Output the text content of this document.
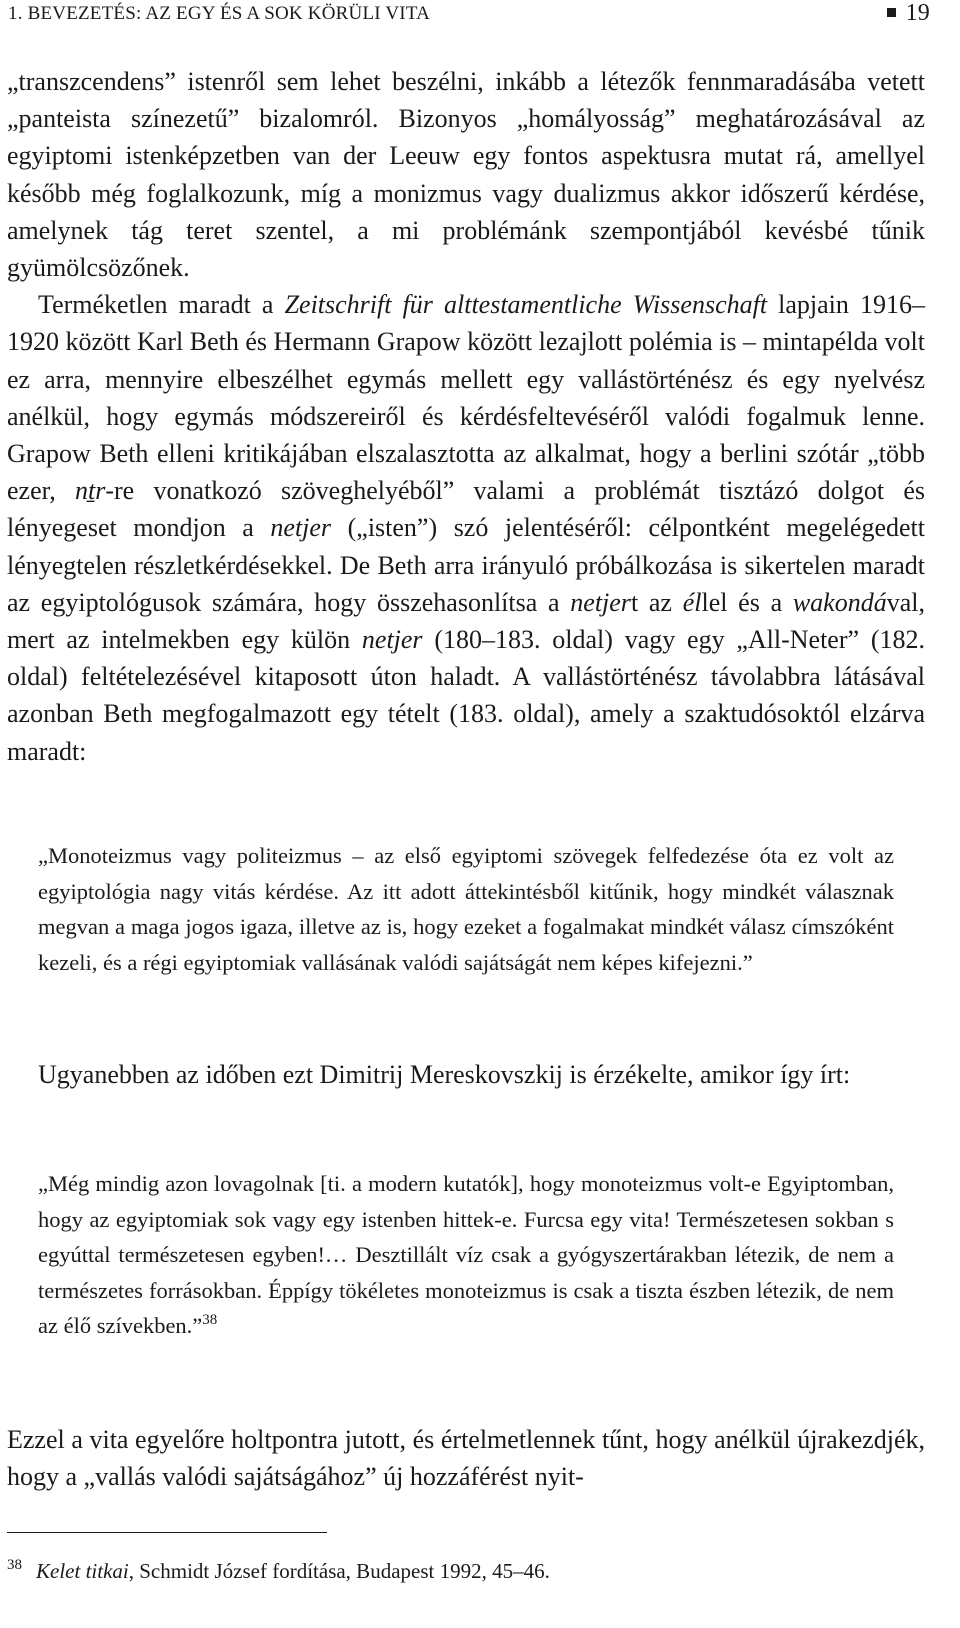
1. BEVEZETÉS: AZ EGY ÉS A SOK KÖRÜLI VITA	19

„transzcendens” istenről sem lehet beszélni, inkább a létezők fennmaradásába vetett „panteista színezetű” bizalomról. Bizonyos „homályosság” meghatározásával az egyiptomi istenképzetben van der Leeuw egy fontos aspektusra mutat rá, amellyel később még foglalkozunk, míg a monizmus vagy dualizmus akkor időszerű kérdése, amelynek tág teret szentel, a mi problémánk szempontjából kevésbé tűnik gyümölcsözőnek.

Terméketlen maradt a Zeitschrift für alttestamentliche Wissenschaft lapjain 1916–1920 között Karl Beth és Hermann Grapow között lezajlott polémia is – mintapélda volt ez arra, mennyire elbeszélhet egymás mellett egy vallástörténész és egy nyelvész anélkül, hogy egymás módszereiről és kérdésfeltevéséről valódi fogalmuk lenne. Grapow Beth elleni kritikájában elszalasztotta az alkalmat, hogy a berlini szótár „több ezer, nṯr-re vonatkozó szöveghelyéből” valami a problémát tisztázó dolgot és lényegeset mondjon a netjer („isten”) szó jelentéséről: célpontként megelégedett lényegtelen részletkérdésekkel. De Beth arra irányuló próbálkozása is sikertelen maradt az egyiptológusok számára, hogy összehasonlítsa a netjert az éllel és a wakondával, mert az intelmekben egy külön netjer (180–183. oldal) vagy egy „All-Neter” (182. oldal) feltételezésével kitaposott úton haladt. A vallástörténész távolabbra látásával azonban Beth megfogalmazott egy tételt (183. oldal), amely a szaktudósoktól elzárva maradt:

„Monoteizmus vagy politeizmus – az első egyiptomi szövegek felfedezése óta ez volt az egyiptológia nagy vitás kérdése. Az itt adott áttekintésből kitűnik, hogy mindkét válasznak megvan a maga jogos igaza, illetve az is, hogy ezeket a fogalmakat mindkét válasz címszóként kezeli, és a régi egyiptomiak vallásának valódi sajátságát nem képes kifejezni.”

Ugyanebben az időben ezt Dimitrij Mereskovszkij is érzékelte, amikor így írt:

„Még mindig azon lovagolnak [ti. a modern kutatók], hogy monoteizmus volt-e Egyiptomban, hogy az egyiptomiak sok vagy egy istenben hittek-e. Furcsa egy vita! Természetesen sokban s egyúttal természetesen egyben!… Desztillált víz csak a gyógyszertárakban létezik, de nem a természetes forrásokban. Éppígy tökéletes monoteizmus is csak a tiszta észben létezik, de nem az élő szívekben.”$^{38}$

Ezzel a vita egyelőre holtpontra jutott, és értelmetlennek tűnt, hogy anélkül újrakezdjék, hogy a „vallás valódi sajátságához” új hozzáférést nyit-

$^{38}$ Kelet titkai, Schmidt József fordítása, Budapest 1992, 45–46.
